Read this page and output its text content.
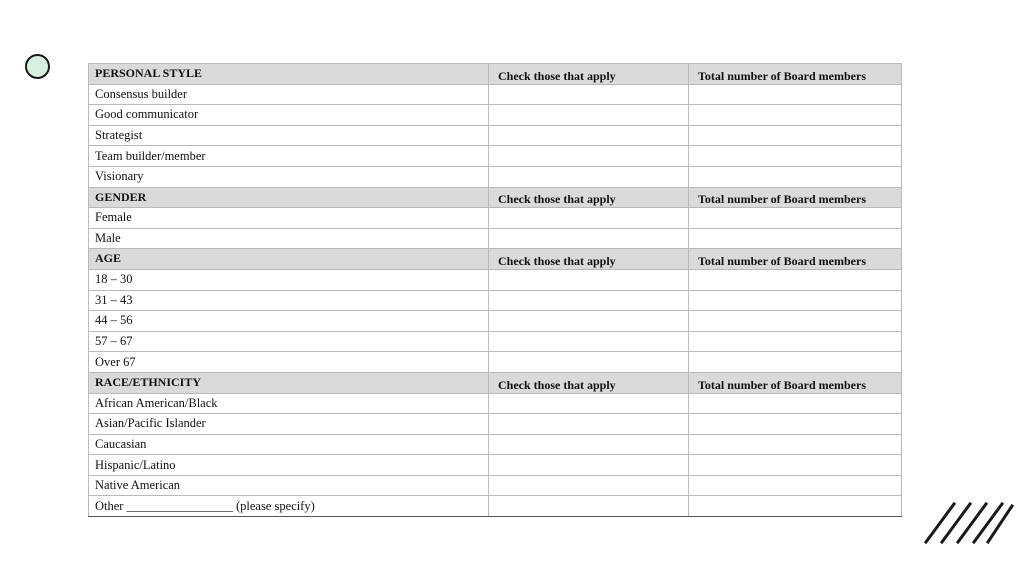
PERSONAL STYLE	Check those that apply	Total number of Board members
Consensus builder		
Good communicator		
Strategist		
Team builder/member		
Visionary		
GENDER	Check those that apply	Total number of Board members
Female		
Male		
AGE	Check those that apply	Total number of Board members
18 – 30		
31 – 43		
44 – 56		
57 – 67		
Over 67		
RACE/ETHNICITY	Check those that apply	Total number of Board members
African American/Black		
Asian/Pacific Islander		
Caucasian		
Hispanic/Latino		
Native American		
Other _________________ (please specify)		
